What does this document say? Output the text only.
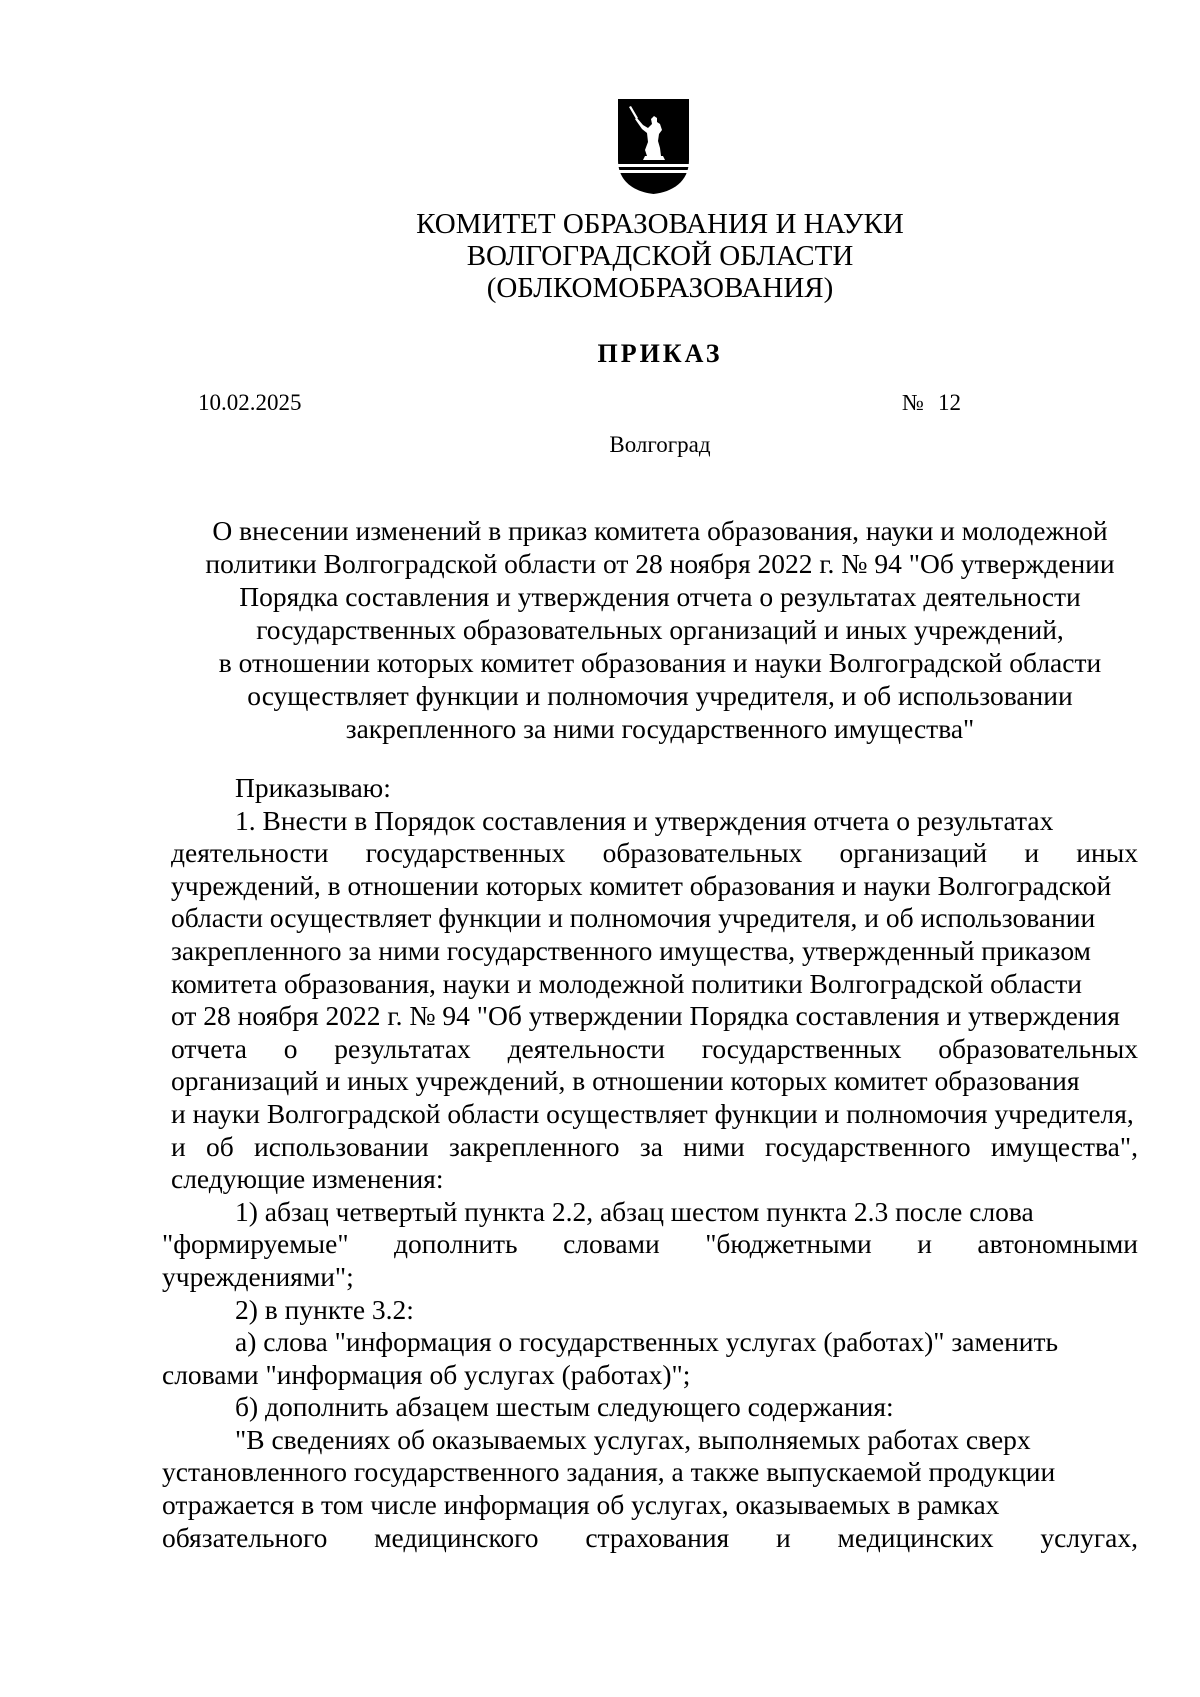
КОМИТЕТ ОБРАЗОВАНИЯ И НАУКИ
ВОЛГОГРАДСКОЙ ОБЛАСТИ
(ОБЛКОМОБРАЗОВАНИЯ)
ПРИКАЗ
10.02.2025	№ 12
Волгоград
О внесении изменений в приказ комитета образования, науки и молодежной
политики Волгоградской области от 28 ноября 2022 г. № 94 "Об утверждении
Порядка составления и утверждения отчета о результатах деятельности
государственных образовательных организаций и иных учреждений,
в отношении которых комитет образования и науки Волгоградской области
осуществляет функции и полномочия учредителя, и об использовании
закрепленного за ними государственного имущества"
Приказываю:
1. Внести в Порядок составления и утверждения отчета о результатах
деятельности государственных образовательных организаций и иных
учреждений, в отношении которых комитет образования и науки Волгоградской
области осуществляет функции и полномочия учредителя, и об использовании
закрепленного за ними государственного имущества, утвержденный приказом
комитета образования, науки и молодежной политики Волгоградской области
от 28 ноября 2022 г. № 94 "Об утверждении Порядка составления и утверждения
отчета о результатах деятельности государственных образовательных
организаций и иных учреждений, в отношении которых комитет образования
и науки Волгоградской области осуществляет функции и полномочия учредителя,
и об использовании закрепленного за ними государственного имущества",
следующие изменения:
1) абзац четвертый пункта 2.2, абзац шестом пункта 2.3 после слова
"формируемые" дополнить словами "бюджетными и автономными
учреждениями";
2) в пункте 3.2:
а) слова "информация о государственных услугах (работах)" заменить
словами "информация об услугах (работах)";
б) дополнить абзацем шестым следующего содержания:
"В сведениях об оказываемых услугах, выполняемых работах сверх
установленного государственного задания, а также выпускаемой продукции
отражается в том числе информация об услугах, оказываемых в рамках
обязательного медицинского страхования и медицинских услугах,
